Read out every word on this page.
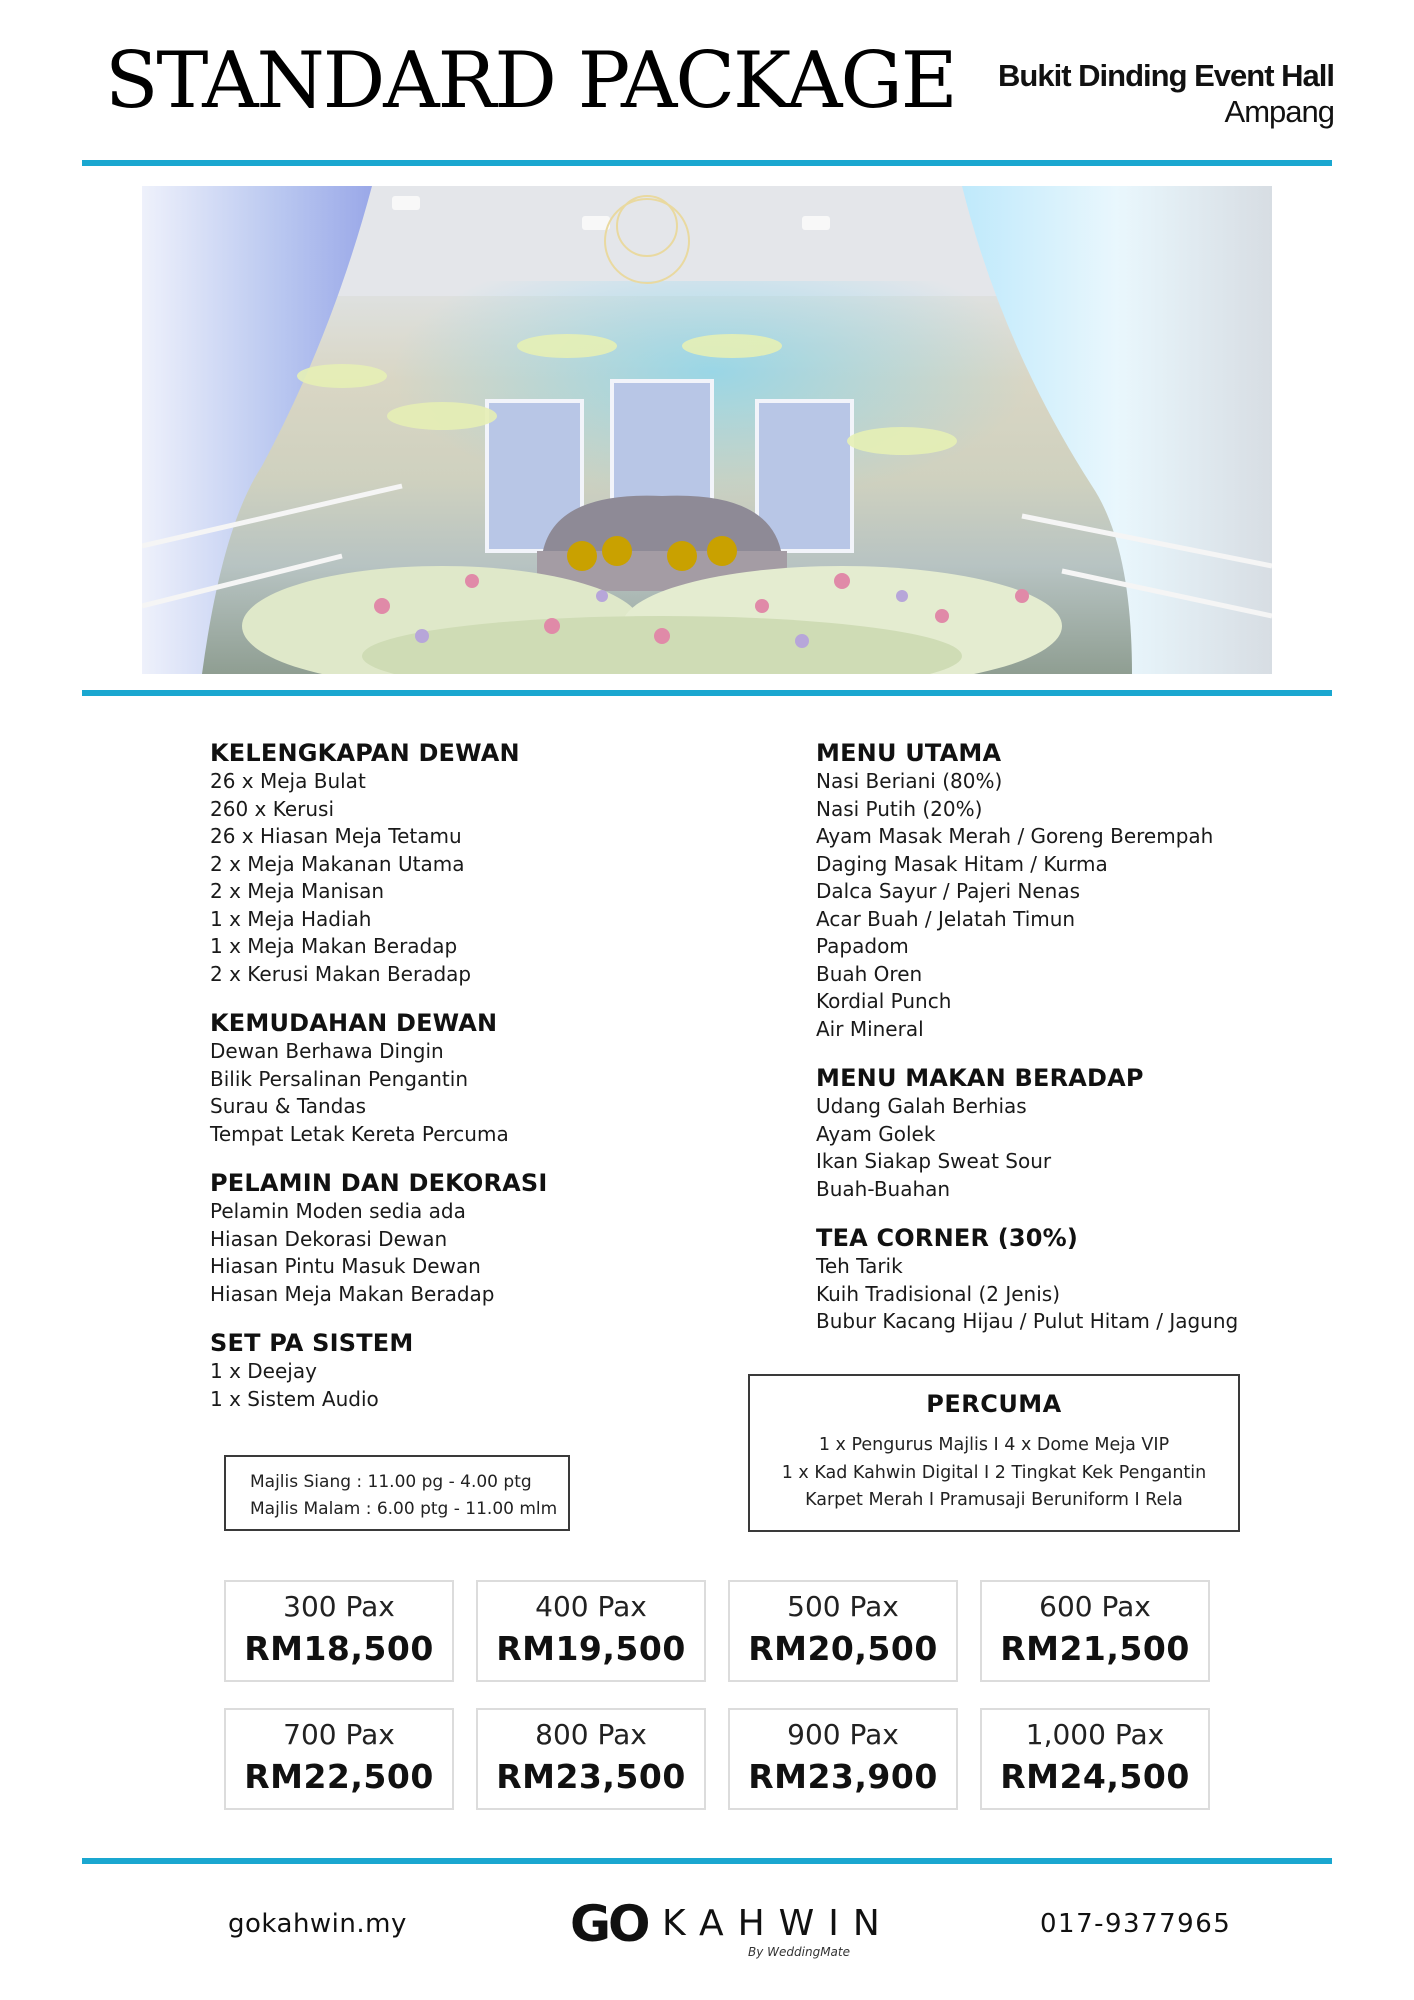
STANDARD PACKAGE Bukit Dinding Event Hall
Ampang
KELENGKAPAN DEWAN
26 x Meja Bulat
260 x Kerusi
26 x Hiasan Meja Tetamu
2 x Meja Makanan Utama
2 x Meja Manisan
1 x Meja Hadiah
1 x Meja Makan Beradap
2 x Kerusi Makan Beradap
KEMUDAHAN DEWAN
Dewan Berhawa Dingin
Bilik Persalinan Pengantin
Surau & Tandas
Tempat Letak Kereta Percuma
PELAMIN DAN DEKORASI
Pelamin Moden sedia ada
Hiasan Dekorasi Dewan
Hiasan Pintu Masuk Dewan
Hiasan Meja Makan Beradap
SET PA SISTEM
1 x Deejay
1 x Sistem Audio
MENU UTAMA
Nasi Beriani (80%)
Nasi Putih (20%)
Ayam Masak Merah / Goreng Berempah
Daging Masak Hitam / Kurma
Dalca Sayur / Pajeri Nenas
Acar Buah / Jelatah Timun
Papadom
Buah Oren
Kordial Punch
Air Mineral
MENU MAKAN BERADAP
Udang Galah Berhias
Ayam Golek
Ikan Siakap Sweat Sour
Buah-Buahan
TEA CORNER (30%)
Teh Tarik
Kuih Tradisional (2 Jenis)
Bubur Kacang Hijau / Pulut Hitam / Jagung
Majlis Siang : 11.00 pg - 4.00 ptg
Majlis Malam : 6.00 ptg - 11.00 mlm
PERCUMA
1 x Pengurus Majlis I 4 x Dome Meja VIP
1 x Kad Kahwin Digital I 2 Tingkat Kek Pengantin
Karpet Merah I Pramusaji Beruniform I Rela
300 Pax
RM18,500
400 Pax
RM19,500
500 Pax
RM20,500
600 Pax
RM21,500
700 Pax
RM22,500
800 Pax
RM23,500
900 Pax
RM23,900
1,000 Pax
RM24,500
gokahwin.my	GO KAHWIN
By WeddingMate
017-9377965
